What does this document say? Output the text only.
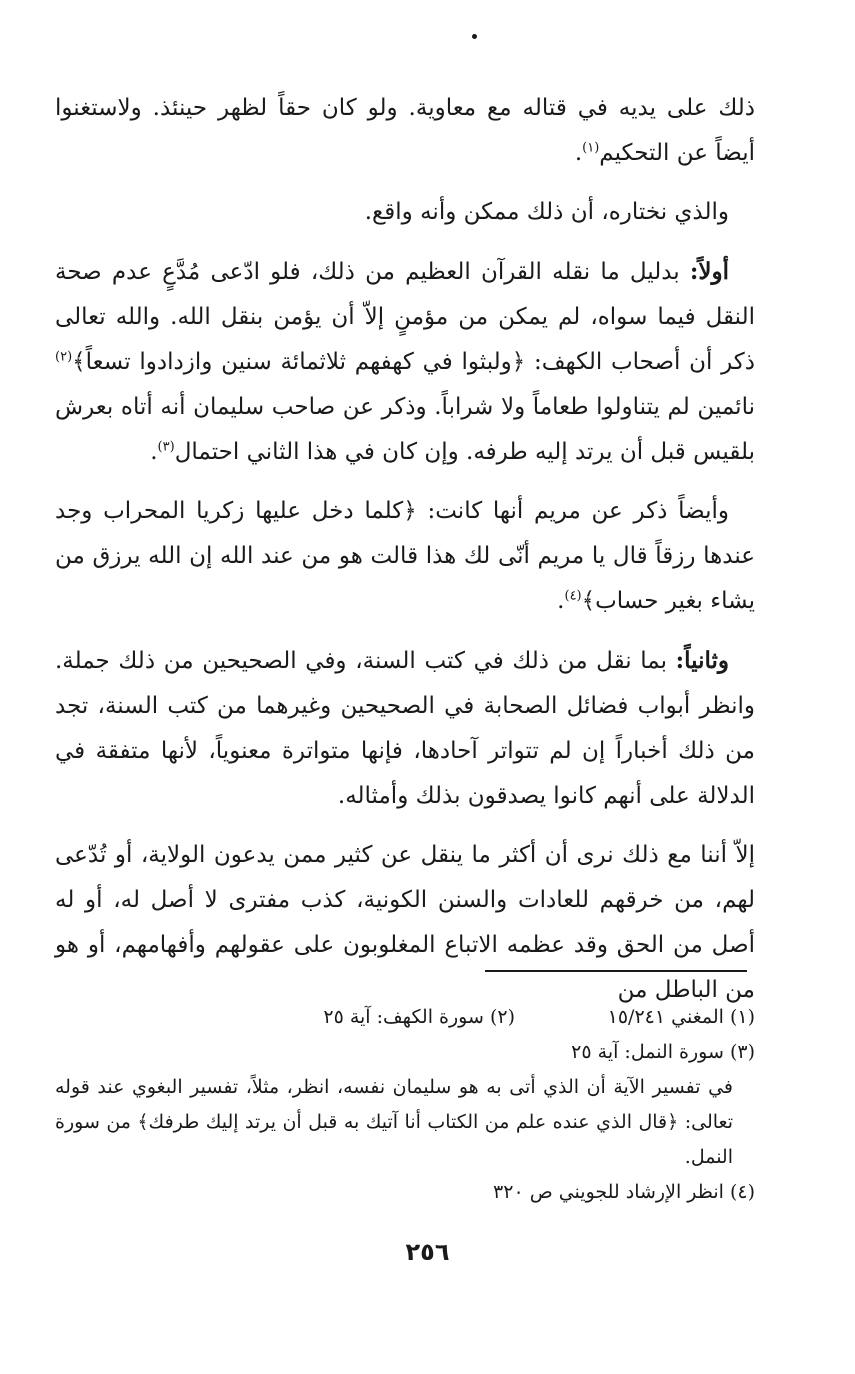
ذلك على يديه في قتاله مع معاوية. ولو كان حقاً لظهر حينئذ. ولاستغنوا أيضاً عن التحكيم$^{(١)}$.

والذي نختاره، أن ذلك ممكن وأنه واقع.

أولاً: بدليل ما نقله القرآن العظيم من ذلك، فلو ادّعى مُدَّعٍ عدم صحة النقل فيما سواه، لم يمكن من مؤمنٍ إلاّ أن يؤمن بنقل الله. والله تعالى ذكر أن أصحاب الكهف: ﴿ولبثوا في كهفهم ثلاثمائة سنين وازدادوا تسعاً﴾$^{(٢)}$ نائمين لم يتناولوا طعاماً ولا شراباً. وذكر عن صاحب سليمان أنه أتاه بعرش بلقيس قبل أن يرتد إليه طرفه. وإن كان في هذا الثاني احتمال$^{(٣)}$.

وأيضاً ذكر عن مريم أنها كانت: ﴿كلما دخل عليها زكريا المحراب وجد عندها رزقاً قال يا مريم أنّى لك هذا قالت هو من عند الله إن الله يرزق من يشاء بغير حساب﴾$^{(٤)}$.

وثانياً: بما نقل من ذلك في كتب السنة، وفي الصحيحين من ذلك جملة. وانظر أبواب فضائل الصحابة في الصحيحين وغيرهما من كتب السنة، تجد من ذلك أخباراً إن لم تتواتر آحادها، فإنها متواترة معنوياً، لأنها متفقة في الدلالة على أنهم كانوا يصدقون بذلك وأمثاله.

إلاّ أننا مع ذلك نرى أن أكثر ما ينقل عن كثير ممن يدعون الولاية، أو تُدّعى لهم، من خرقهم للعادات والسنن الكونية، كذب مفترى لا أصل له، أو له أصل من الحق وقد عظمه الاتباع المغلوبون على عقولهم وأفهامهم، أو هو من الباطل من

(١) المغني ١٥/٢٤١
(٢) سورة الكهف: آية ٢٥
(٣) سورة النمل: آية ٢٥
في تفسير الآية أن الذي أتى به هو سليمان نفسه، انظر، مثلاً، تفسير البغوي عند قوله تعالى: ﴿قال الذي عنده علم من الكتاب أنا آتيك به قبل أن يرتد إليك طرفك﴾ من سورة النمل.
(٤) انظر الإرشاد للجويني ص ٣٢٠
٢٥٦
